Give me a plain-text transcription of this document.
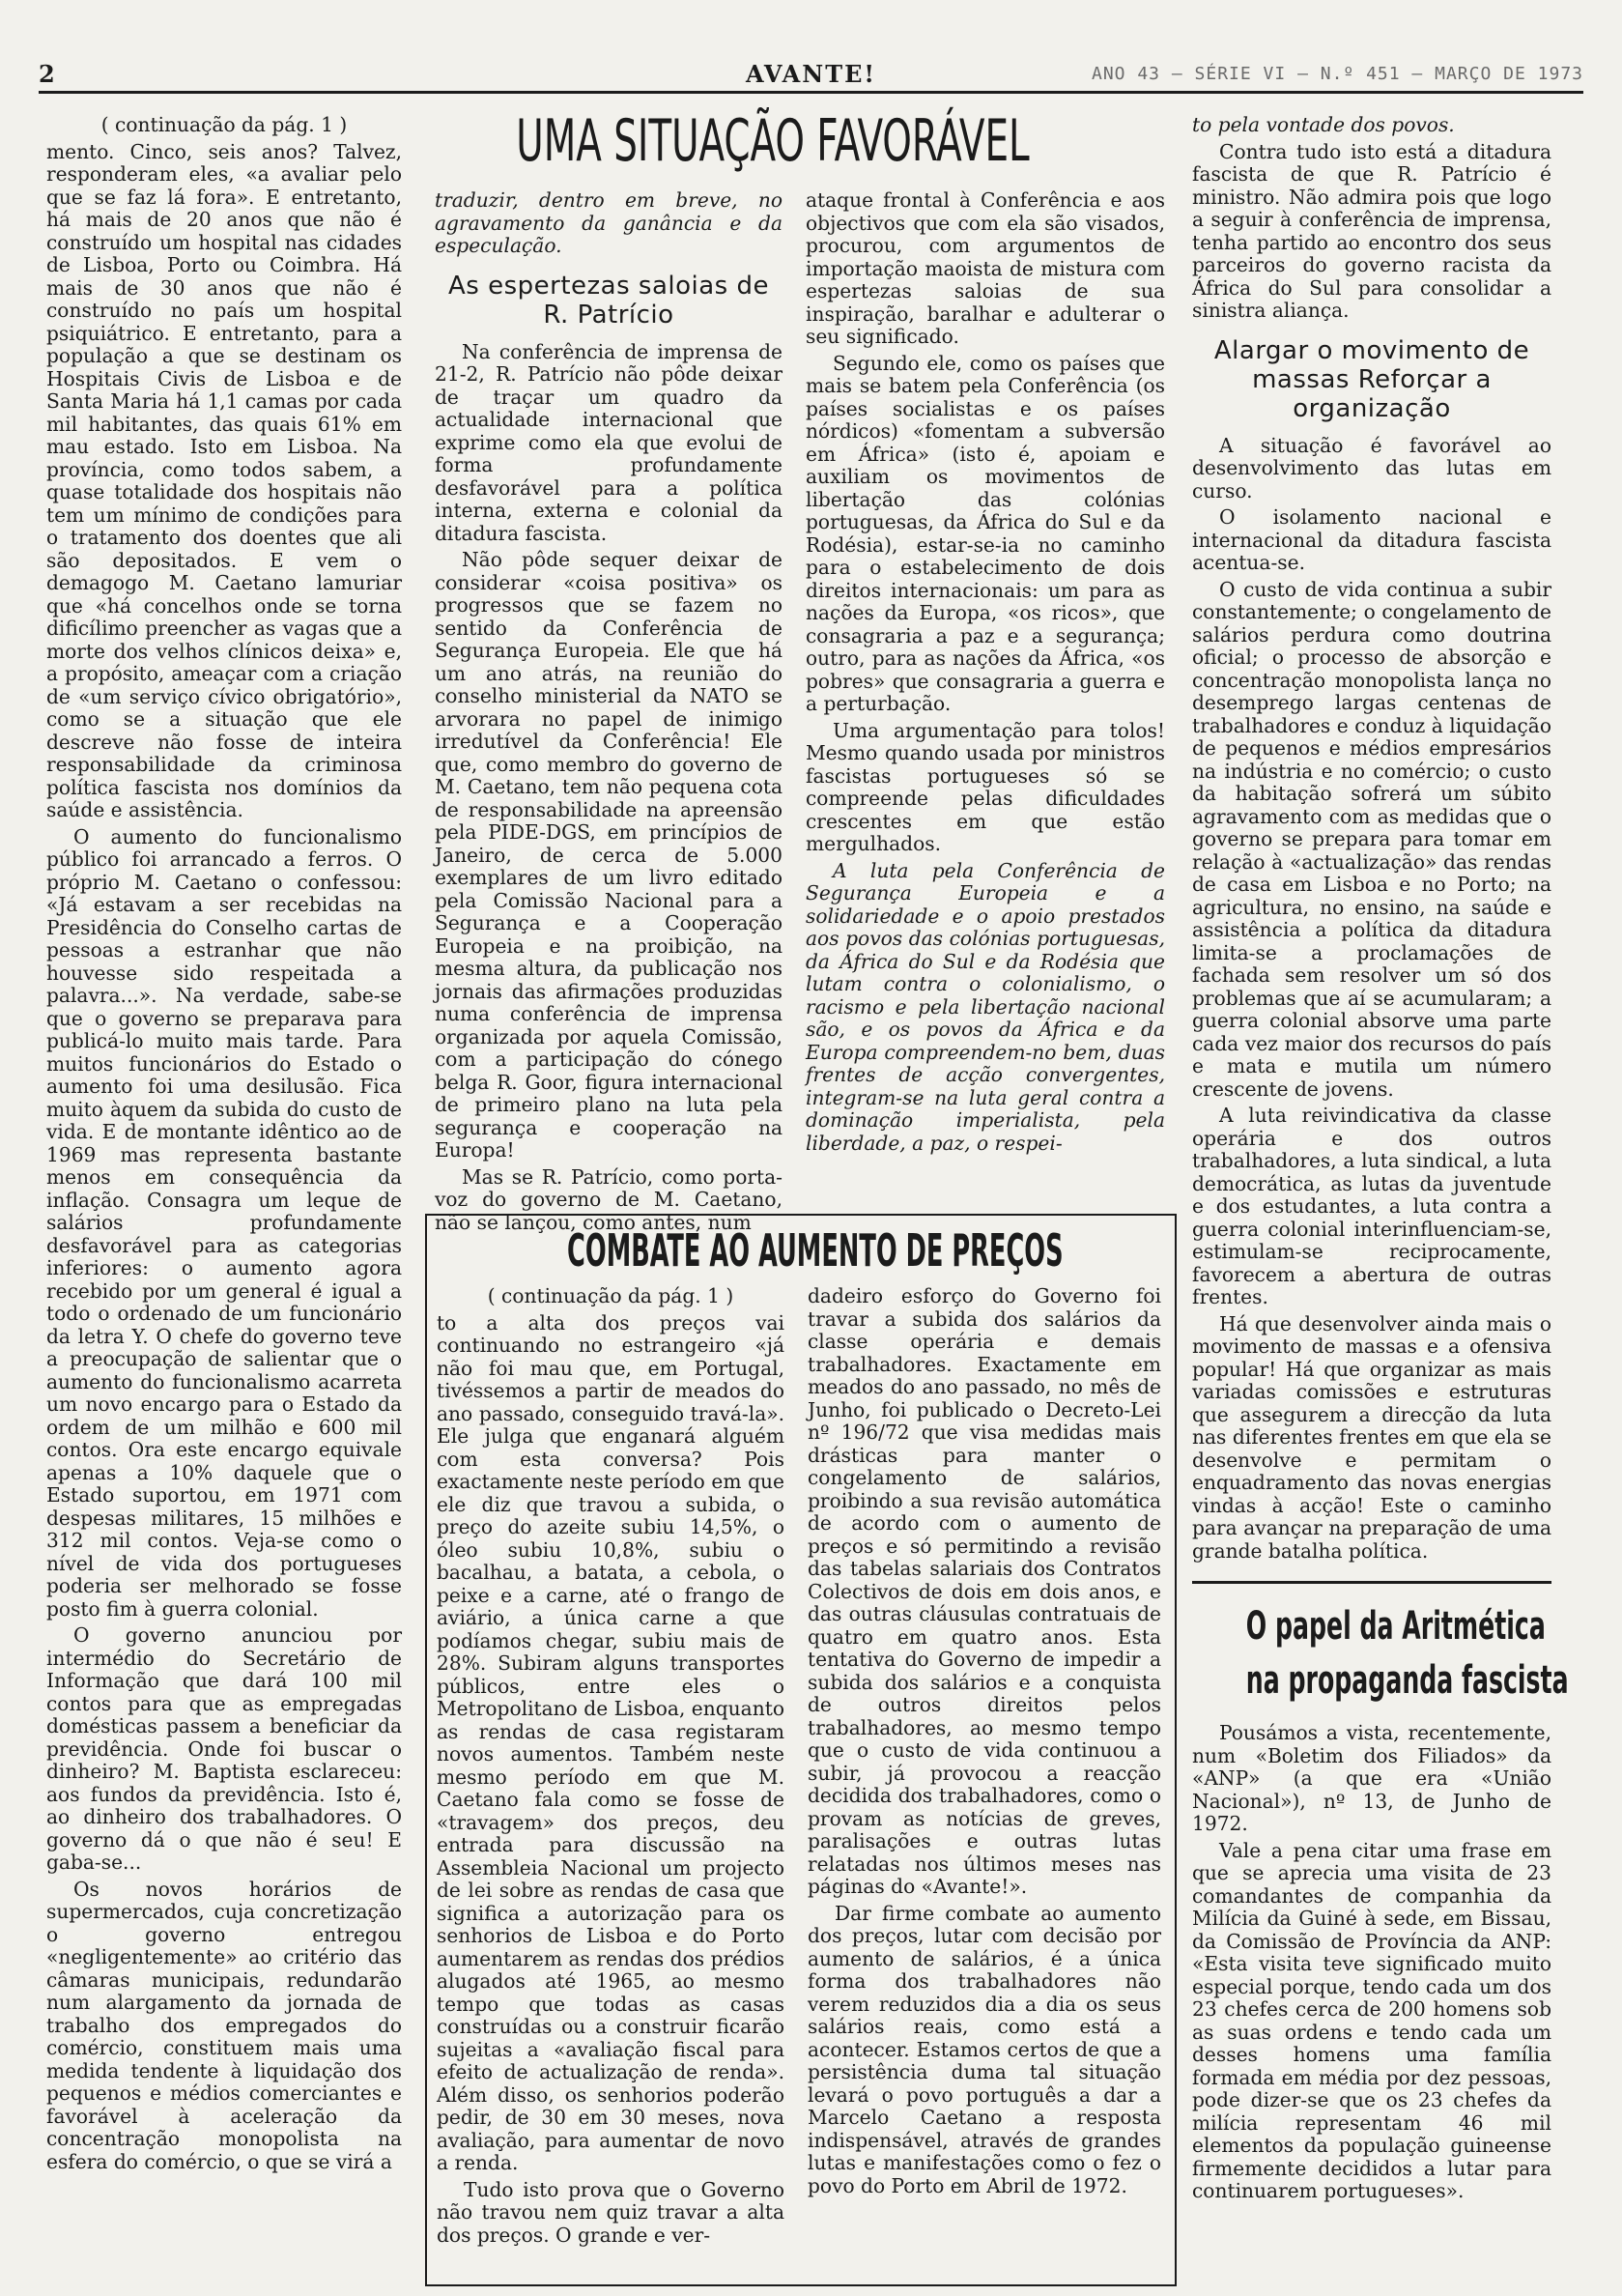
2	AVANTE!	ANO 43 — SÉRIE VI — N.º 451 — MARÇO DE 1973

( continuação da pág. 1 )

mento. Cinco, seis anos? Talvez, responderam eles, «a avaliar pelo que se faz lá fora». E entretanto, há mais de 20 anos que não é construído um hospital nas cidades de Lisboa, Porto ou Coimbra. Há mais de 30 anos que não é construído no país um hospital psiquiátrico. E entretanto, para a população a que se destinam os Hospitais Civis de Lisboa e de Santa Maria há 1,1 camas por cada mil habitantes, das quais 61% em mau estado. Isto em Lisboa. Na província, como todos sabem, a quase totalidade dos hospitais não tem um mínimo de condições para o tratamento dos doentes que ali são depositados. E vem o demagogo M. Caetano lamuriar que «há concelhos onde se torna dificílimo preencher as vagas que a morte dos velhos clínicos deixa» e, a propósito, ameaçar com a criação de «um serviço cívico obrigatório», como se a situação que ele descreve não fosse de inteira responsabilidade da criminosa política fascista nos domínios da saúde e assistência.

O aumento do funcionalismo público foi arrancado a ferros. O próprio M. Caetano o confessou: «Já estavam a ser recebidas na Presidência do Conselho cartas de pessoas a estranhar que não houvesse sido respeitada a palavra...». Na verdade, sabe-se que o governo se preparava para publicá-lo muito mais tarde. Para muitos funcionários do Estado o aumento foi uma desilusão. Fica muito àquem da subida do custo de vida. E de montante idêntico ao de 1969 mas representa bastante menos em consequência da inflação. Consagra um leque de salários profundamente desfavorável para as categorias inferiores: o aumento agora recebido por um general é igual a todo o ordenado de um funcionário da letra Y. O chefe do governo teve a preocupação de salientar que o aumento do funcionalismo acarreta um novo encargo para o Estado da ordem de um milhão e 600 mil contos. Ora este encargo equivale apenas a 10% daquele que o Estado suportou, em 1971 com despesas militares, 15 milhões e 312 mil contos. Veja-se como o nível de vida dos portugueses poderia ser melhorado se fosse posto fim à guerra colonial.

O governo anunciou por intermédio do Secretário de Informação que dará 100 mil contos para que as empregadas domésticas passem a beneficiar da previdência. Onde foi buscar o dinheiro? M. Baptista esclareceu: aos fundos da previdência. Isto é, ao dinheiro dos trabalhadores. O governo dá o que não é seu! E gaba-se...

Os novos horários de supermercados, cuja concretização o governo entregou «negligentemente» ao critério das câmaras municipais, redundarão num alargamento da jornada de trabalho dos empregados do comércio, constituem mais uma medida tendente à liquidação dos pequenos e médios comerciantes e favorável à aceleração da concentração monopolista na esfera do comércio, o que se virá a

UMA SITUAÇÃO FAVORÁVEL

traduzir, dentro em breve, no agravamento da ganância e da especulação.

As espertezas saloias de R. Patrício

Na conferência de imprensa de 21-2, R. Patrício não pôde deixar de traçar um quadro da actualidade internacional que exprime como ela que evolui de forma profundamente desfavorável para a política interna, externa e colonial da ditadura fascista.

Não pôde sequer deixar de considerar «coisa positiva» os progressos que se fazem no sentido da Conferência de Segurança Europeia. Ele que há um ano atrás, na reunião do conselho ministerial da NATO se arvorara no papel de inimigo irredutível da Conferência! Ele que, como membro do governo de M. Caetano, tem não pequena cota de responsabilidade na apreensão pela PIDE-DGS, em princípios de Janeiro, de cerca de 5.000 exemplares de um livro editado pela Comissão Nacional para a Segurança e a Cooperação Europeia e na proibição, na mesma altura, da publicação nos jornais das afirmações produzidas numa conferência de imprensa organizada por aquela Comissão, com a participação do cónego belga R. Goor, figura internacional de primeiro plano na luta pela segurança e cooperação na Europa!

Mas se R. Patrício, como porta-voz do governo de M. Caetano, não se lançou, como antes, num

ataque frontal à Conferência e aos objectivos que com ela são visados, procurou, com argumentos de importação maoista de mistura com espertezas saloias de sua inspiração, baralhar e adulterar o seu significado.

Segundo ele, como os países que mais se batem pela Conferência (os países socialistas e os países nórdicos) «fomentam a subversão em África» (isto é, apoiam e auxiliam os movimentos de libertação das colónias portuguesas, da África do Sul e da Rodésia), estar-se-ia no caminho para o estabelecimento de dois direitos internacionais: um para as nações da Europa, «os ricos», que consagraria a paz e a segurança; outro, para as nações da África, «os pobres» que consagraria a guerra e a perturbação.

Uma argumentação para tolos! Mesmo quando usada por ministros fascistas portugueses só se compreende pelas dificuldades crescentes em que estão mergulhados.

A luta pela Conferência de Segurança Europeia e a solidariedade e o apoio prestados aos povos das colónias portuguesas, da África do Sul e da Rodésia que lutam contra o colonialismo, o racismo e pela libertação nacional são, e os povos da África e da Europa compreendem-no bem, duas frentes de acção convergentes, integram-se na luta geral contra a dominação imperialista, pela liberdade, a paz, o respei-

to pela vontade dos povos.

Contra tudo isto está a ditadura fascista de que R. Patrício é ministro. Não admira pois que logo a seguir à conferência de imprensa, tenha partido ao encontro dos seus parceiros do governo racista da África do Sul para consolidar a sinistra aliança.

Alargar o movimento de massas Reforçar a organização

A situação é favorável ao desenvolvimento das lutas em curso.

O isolamento nacional e internacional da ditadura fascista acentua-se.

O custo de vida continua a subir constantemente; o congelamento de salários perdura como doutrina oficial; o processo de absorção e concentração monopolista lança no desemprego largas centenas de trabalhadores e conduz à liquidação de pequenos e médios empresários na indústria e no comércio; o custo da habitação sofrerá um súbito agravamento com as medidas que o governo se prepara para tomar em relação à «actualização» das rendas de casa em Lisboa e no Porto; na agricultura, no ensino, na saúde e assistência a política da ditadura limita-se a proclamações de fachada sem resolver um só dos problemas que aí se acumularam; a guerra colonial absorve uma parte cada vez maior dos recursos do país e mata e mutila um número crescente de jovens.

A luta reivindicativa da classe operária e dos outros trabalhadores, a luta sindical, a luta democrática, as lutas da juventude e dos estudantes, a luta contra a guerra colonial interinfluenciam-se, estimulam-se reciprocamente, favorecem a abertura de outras frentes.

Há que desenvolver ainda mais o movimento de massas e a ofensiva popular! Há que organizar as mais variadas comissões e estruturas que assegurem a direcção da luta nas diferentes frentes em que ela se desenvolve e permitam o enquadramento das novas energias vindas à acção! Este o caminho para avançar na preparação de uma grande batalha política.

O papel da Aritmética
na propaganda fascista

Pousámos a vista, recentemente, num «Boletim dos Filiados» da «ANP» (a que era «União Nacional»), nº 13, de Junho de 1972.

Vale a pena citar uma frase em que se aprecia uma visita de 23 comandantes de companhia da Milícia da Guiné à sede, em Bissau, da Comissão de Província da ANP: «Esta visita teve significado muito especial porque, tendo cada um dos 23 chefes cerca de 200 homens sob as suas ordens e tendo cada um desses homens uma família formada em média por dez pessoas, pode dizer-se que os 23 chefes da milícia representam 46 mil elementos da população guineense firmemente decididos a lutar para continuarem portugueses».

COMBATE AO AUMENTO DE PREÇOS

( continuação da pág. 1 )

to a alta dos preços vai continuando no estrangeiro «já não foi mau que, em Portugal, tivéssemos a partir de meados do ano passado, conseguido travá-la». Ele julga que enganará alguém com esta conversa? Pois exactamente neste período em que ele diz que travou a subida, o preço do azeite subiu 14,5%, o óleo subiu 10,8%, subiu o bacalhau, a batata, a cebola, o peixe e a carne, até o frango de aviário, a única carne a que podíamos chegar, subiu mais de 28%. Subiram alguns transportes públicos, entre eles o Metropolitano de Lisboa, enquanto as rendas de casa registaram novos aumentos. Também neste mesmo período em que M. Caetano fala como se fosse de «travagem» dos preços, deu entrada para discussão na Assembleia Nacional um projecto de lei sobre as rendas de casa que significa a autorização para os senhorios de Lisboa e do Porto aumentarem as rendas dos prédios alugados até 1965, ao mesmo tempo que todas as casas construídas ou a construir ficarão sujeitas a «avaliação fiscal para efeito de actualização de renda». Além disso, os senhorios poderão pedir, de 30 em 30 meses, nova avaliação, para aumentar de novo a renda.

Tudo isto prova que o Governo não travou nem quiz travar a alta dos preços. O grande e ver-

dadeiro esforço do Governo foi travar a subida dos salários da classe operária e demais trabalhadores. Exactamente em meados do ano passado, no mês de Junho, foi publicado o Decreto-Lei nº 196/72 que visa medidas mais drásticas para manter o congelamento de salários, proibindo a sua revisão automática de acordo com o aumento de preços e só permitindo a revisão das tabelas salariais dos Contratos Colectivos de dois em dois anos, e das outras cláusulas contratuais de quatro em quatro anos. Esta tentativa do Governo de impedir a subida dos salários e a conquista de outros direitos pelos trabalhadores, ao mesmo tempo que o custo de vida continuou a subir, já provocou a reacção decidida dos trabalhadores, como o provam as notícias de greves, paralisações e outras lutas relatadas nos últimos meses nas páginas do «Avante!».

Dar firme combate ao aumento dos preços, lutar com decisão por aumento de salários, é a única forma dos trabalhadores não verem reduzidos dia a dia os seus salários reais, como está a acontecer. Estamos certos de que a persistência duma tal situação levará o povo português a dar a Marcelo Caetano a resposta indispensável, através de grandes lutas e manifestações como o fez o povo do Porto em Abril de 1972.
